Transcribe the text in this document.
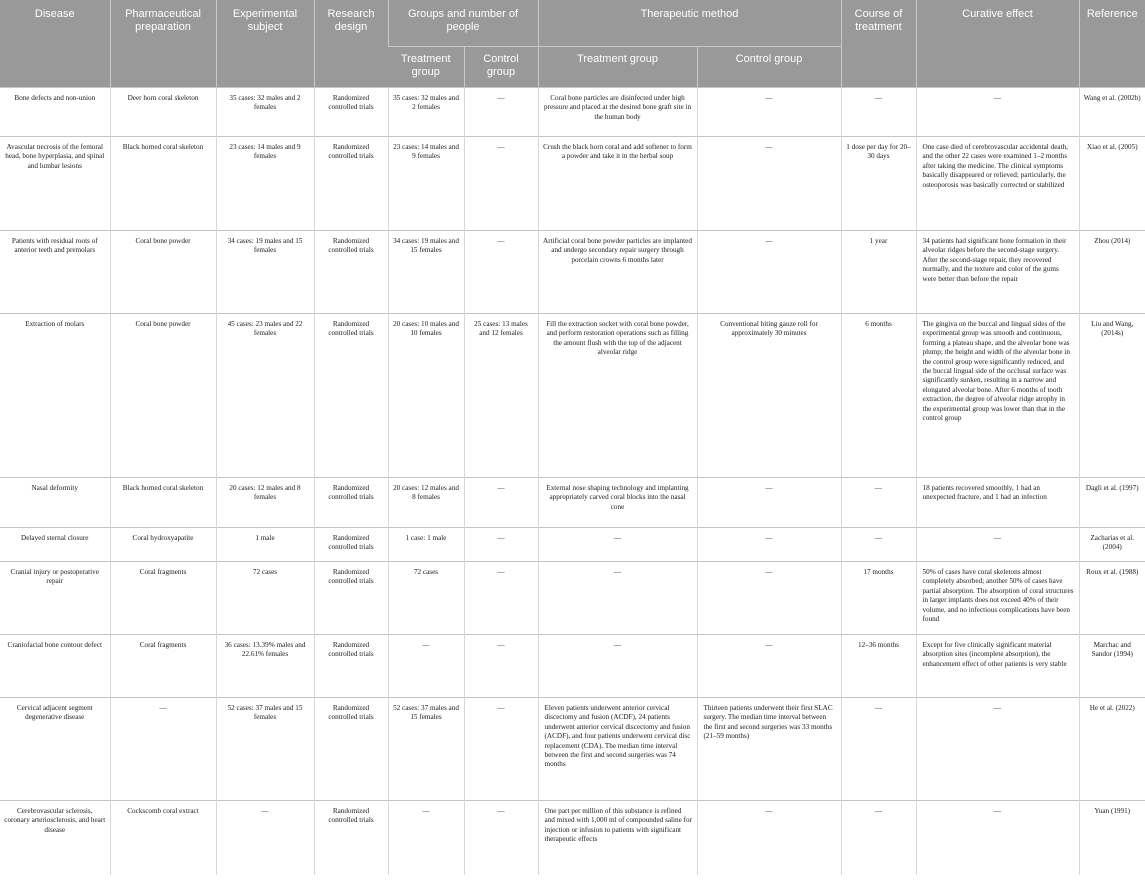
Disease	Pharmaceutical preparation	Experimental subject	Research design	Groups and number of people		Therapeutic method		Course of treatment	Curative effect	Reference
				Treatment group	Control group	Treatment group	Control group			
Bone defects and non-union	Deer horn coral skeleton	35 cases: 32 males and 2 females	Randomized controlled trials	35 cases: 32 males and 2 females	—	Coral bone particles are disinfected under high pressure and placed at the desired bone graft site in the human body	—	—	—	Wang et al. (2002b)
Avascular necrosis of the femoral head, bone hyperplasia, and spinal and lumbar lesions	Black horned coral skeleton	23 cases: 14 males and 9 females	Randomized controlled trials	23 cases: 14 males and 9 females	—	Crush the black horn coral and add softener to form a powder and take it in the herbal soup	—	1 dose per day for 20–30 days	One case died of cerebrovascular accidental death, and the other 22 cases were examined 1–2 months after taking the medicine. The clinical symptoms basically disappeared or relieved; particularly, the osteoporosis was basically corrected or stabilized	Xiao et al. (2005)
Patients with residual roots of anterior teeth and premolars	Coral bone powder	34 cases: 19 males and 15 females	Randomized controlled trials	34 cases: 19 males and 15 females	—	Artificial coral bone powder particles are implanted and undergo secondary repair surgery through porcelain crowns 6 months later	—	1 year	34 patients had significant bone formation in their alveolar ridges before the second-stage surgery. After the second-stage repair, they recovered normally, and the texture and color of the gums were better than before the repair	Zhou (2014)
Extraction of molars	Coral bone powder	45 cases: 23 males and 22 females	Randomized controlled trials	20 cases: 10 males and 10 females	25 cases: 13 males and 12 females	Fill the extraction socket with coral bone powder, and perform restoration operations such as filling the amount flush with the top of the adjacent alveolar ridge	Conventional biting gauze roll for approximately 30 minutes	6 months	The gingiva on the buccal and lingual sides of the experimental group was smooth and continuous, forming a plateau shape, and the alveolar bone was plump; the height and width of the alveolar bone in the control group were significantly reduced, and the buccal lingual side of the occlusal surface was significantly sunken, resulting in a narrow and elongated alveolar bone. After 6 months of tooth extraction, the degree of alveolar ridge atrophy in the experimental group was lower than that in the control group	Liu and Wang, (2014s)
Nasal deformity	Black horned coral skeleton	20 cases: 12 males and 8 females	Randomized controlled trials	20 cases: 12 males and 8 females	—	External nose shaping technology and implanting appropriately carved coral blocks into the nasal cone	—	—	18 patients recovered smoothly, 1 had an unexpected fracture, and 1 had an infection	Dagli et al. (1997)
Delayed sternal closure	Coral hydroxyapatite	1 male	Randomized controlled trials	1 case: 1 male	—	—	—	—	—	Zacharias et al. (2004)
Cranial injury or postoperative repair	Coral fragments	72 cases	Randomized controlled trials	72 cases	—	—	—	17 months	50% of cases have coral skeletons almost completely absorbed; another 50% of cases have partial absorption. The absorption of coral structures in larger implants does not exceed 40% of their volume, and no infectious complications have been found	Roux et al. (1988)
Craniofacial bone contour defect	Coral fragments	36 cases: 13.39% males and 22.61% females	Randomized controlled trials	—	—	—	—	12–36 months	Except for five clinically significant material absorption sites (incomplete absorption), the enhancement effect of other patients is very stable	Marchac and Sandor (1994)
Cervical adjacent segment degenerative disease	—	52 cases: 37 males and 15 females	Randomized controlled trials	52 cases: 37 males and 15 females	—	Eleven patients underwent anterior cervical discectomy and fusion (ACDF), 24 patients underwent anterior cervical discectomy and fusion (ACDF), and four patients underwent cervical disc replacement (CDA). The median time interval between the first and second surgeries was 74 months	Thirteen patients underwent their first SLAC surgery. The median time interval between the first and second surgeries was 33 months (21–59 months)	—	—	He et al. (2022)
Cerebrovascular sclerosis, coronary arteriosclerosis, and heart disease	Cockscomb coral extract	—	Randomized controlled trials	—	—	One part per million of this substance is refined and mixed with 1,000 ml of compounded saline for injection or infusion to patients with significant therapeutic effects	—	—	—	Yuan (1991)
